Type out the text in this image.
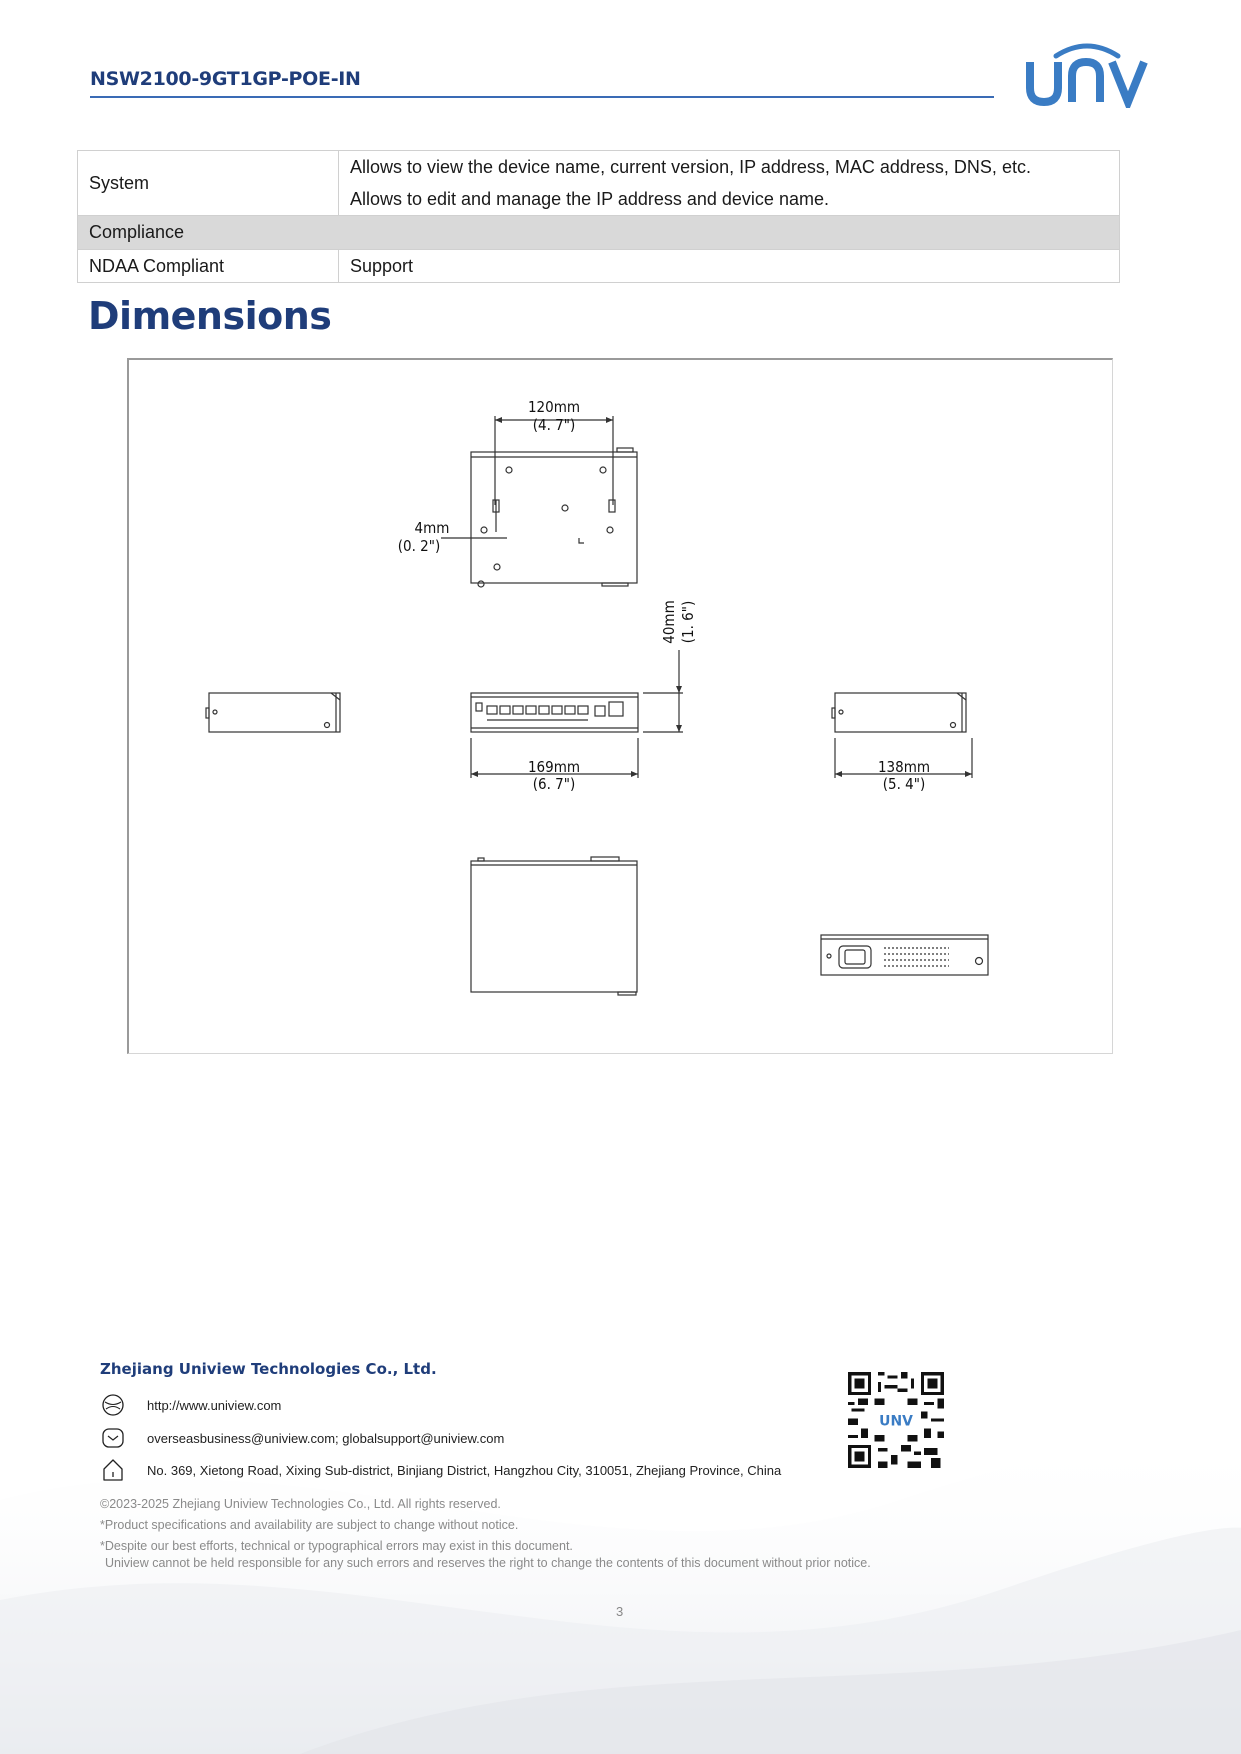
NSW2100-9GT1GP-POE-IN
System	Allows to view the device name, current version, IP address, MAC address, DNS, etc.
Allows to edit and manage the IP address and device name.

Compliance	
NDAA Compliant	Support
Dimensions
120mm
(4. 7")
4mm
(0. 2")
169mm
(6. 7")
138mm
(5. 4")
40mm (1. 6")
Zhejiang Uniview Technologies Co., Ltd.
http://www.uniview.com
overseasbusiness@uniview.com; globalsupport@uniview.com
No. 369, Xietong Road, Xixing Sub-district, Binjiang District, Hangzhou City, 310051, Zhejiang Province, China
UNV
©2023-2025 Zhejiang Uniview Technologies Co., Ltd. All rights reserved.
*Product specifications and availability are subject to change without notice.
*Despite our best efforts, technical or typographical errors may exist in this document.
Uniview cannot be held responsible for any such errors and reserves the right to change the contents of this document without prior notice.
3
